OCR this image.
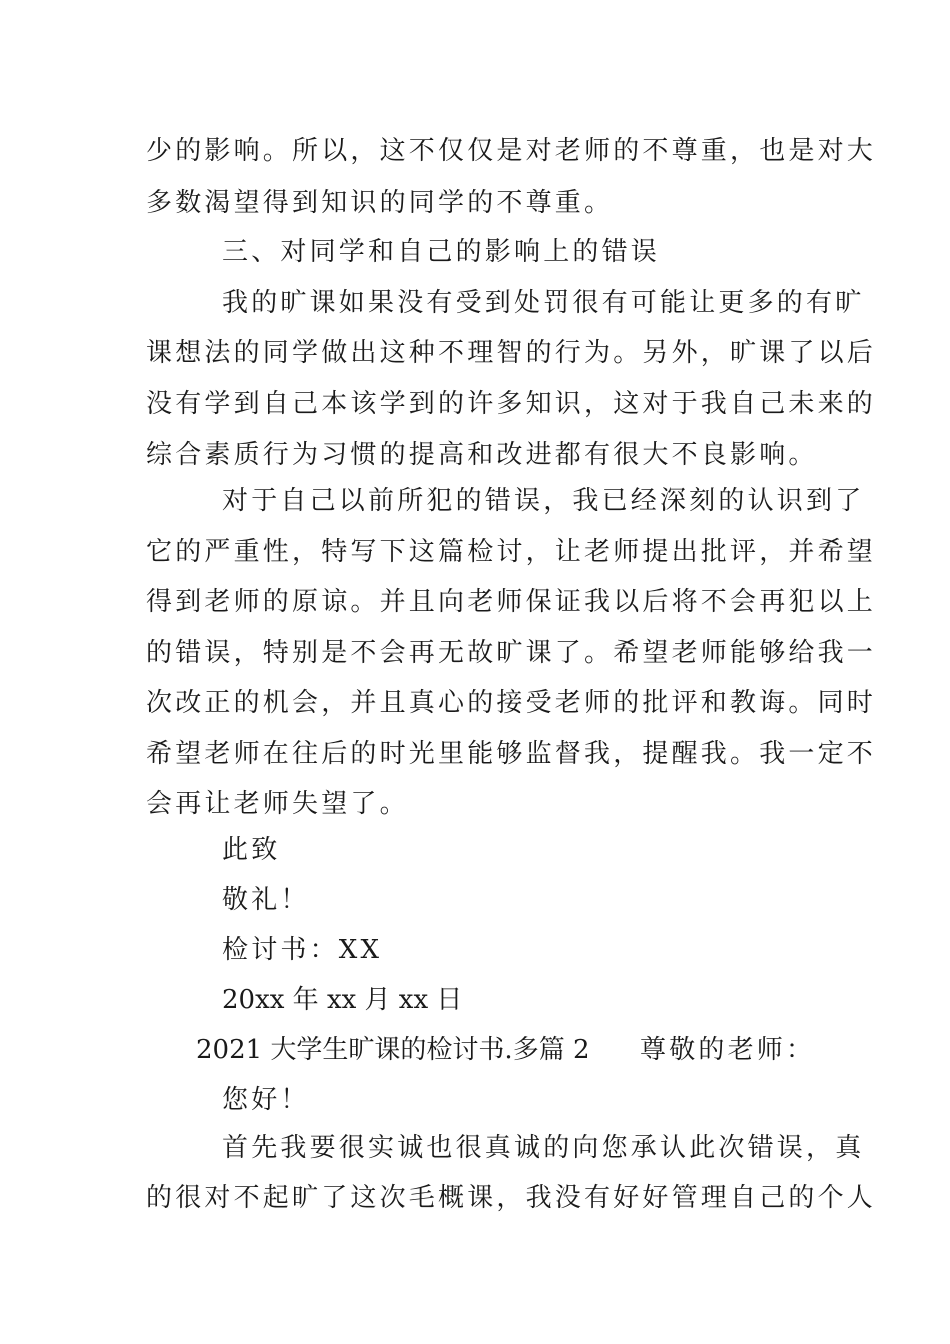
少的影响。所以，这不仅仅是对老师的不尊重，也是对大
多数渴望得到知识的同学的不尊重。
三、对同学和自己的影响上的错误
我的旷课如果没有受到处罚很有可能让更多的有旷
课想法的同学做出这种不理智的行为。另外，旷课了以后
没有学到自己本该学到的许多知识，这对于我自己未来的
综合素质行为习惯的提高和改进都有很大不良影响。
对于自己以前所犯的错误，我已经深刻的认识到了
它的严重性，特写下这篇检讨，让老师提出批评，并希望
得到老师的原谅。并且向老师保证我以后将不会再犯以上
的错误，特别是不会再无故旷课了。希望老师能够给我一
次改正的机会，并且真心的接受老师的批评和教诲。同时
希望老师在往后的时光里能够监督我，提醒我。我一定不
会再让老师失望了。
此致
敬礼！
检讨书：XX
20xx 年 xx 月 xx 日
2021 大学生旷课的检讨书.多篇 2 尊敬的老师：
您好！
首先我要很实诚也很真诚的向您承认此次错误，真
的很对不起旷了这次毛概课，我没有好好管理自己的个人
